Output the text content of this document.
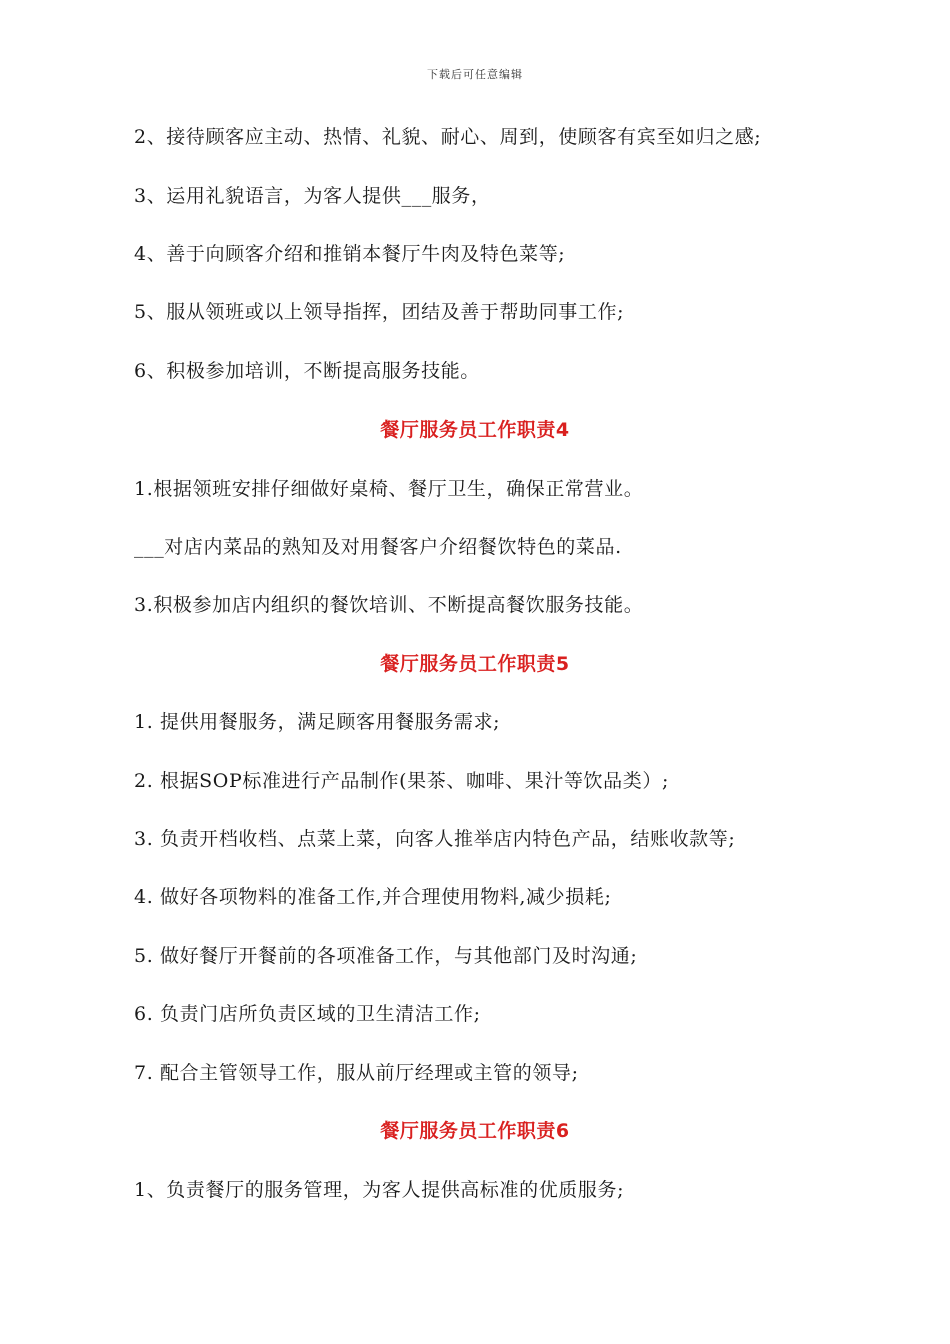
下载后可任意编辑
2、接待顾客应主动、热情、礼貌、耐心、周到，使顾客有宾至如归之感;
3、运用礼貌语言，为客人提供___服务，
4、善于向顾客介绍和推销本餐厅牛肉及特色菜等;
5、服从领班或以上领导指挥，团结及善于帮助同事工作;
6、积极参加培训，不断提高服务技能。
餐厅服务员工作职责4
1.根据领班安排仔细做好桌椅、餐厅卫生，确保正常营业。
___对店内菜品的熟知及对用餐客户介绍餐饮特色的菜品.
3.积极参加店内组织的餐饮培训、不断提高餐饮服务技能。
餐厅服务员工作职责5
1. 提供用餐服务，满足顾客用餐服务需求;
2. 根据SOP标准进行产品制作(果茶、咖啡、果汁等饮品类）;
3. 负责开档收档、点菜上菜，向客人推举店内特色产品，结账收款等;
4. 做好各项物料的准备工作,并合理使用物料,减少损耗;
5. 做好餐厅开餐前的各项准备工作，与其他部门及时沟通;
6. 负责门店所负责区域的卫生清洁工作;
7. 配合主管领导工作，服从前厅经理或主管的领导;
餐厅服务员工作职责6
1、负责餐厅的服务管理，为客人提供高标准的优质服务;
